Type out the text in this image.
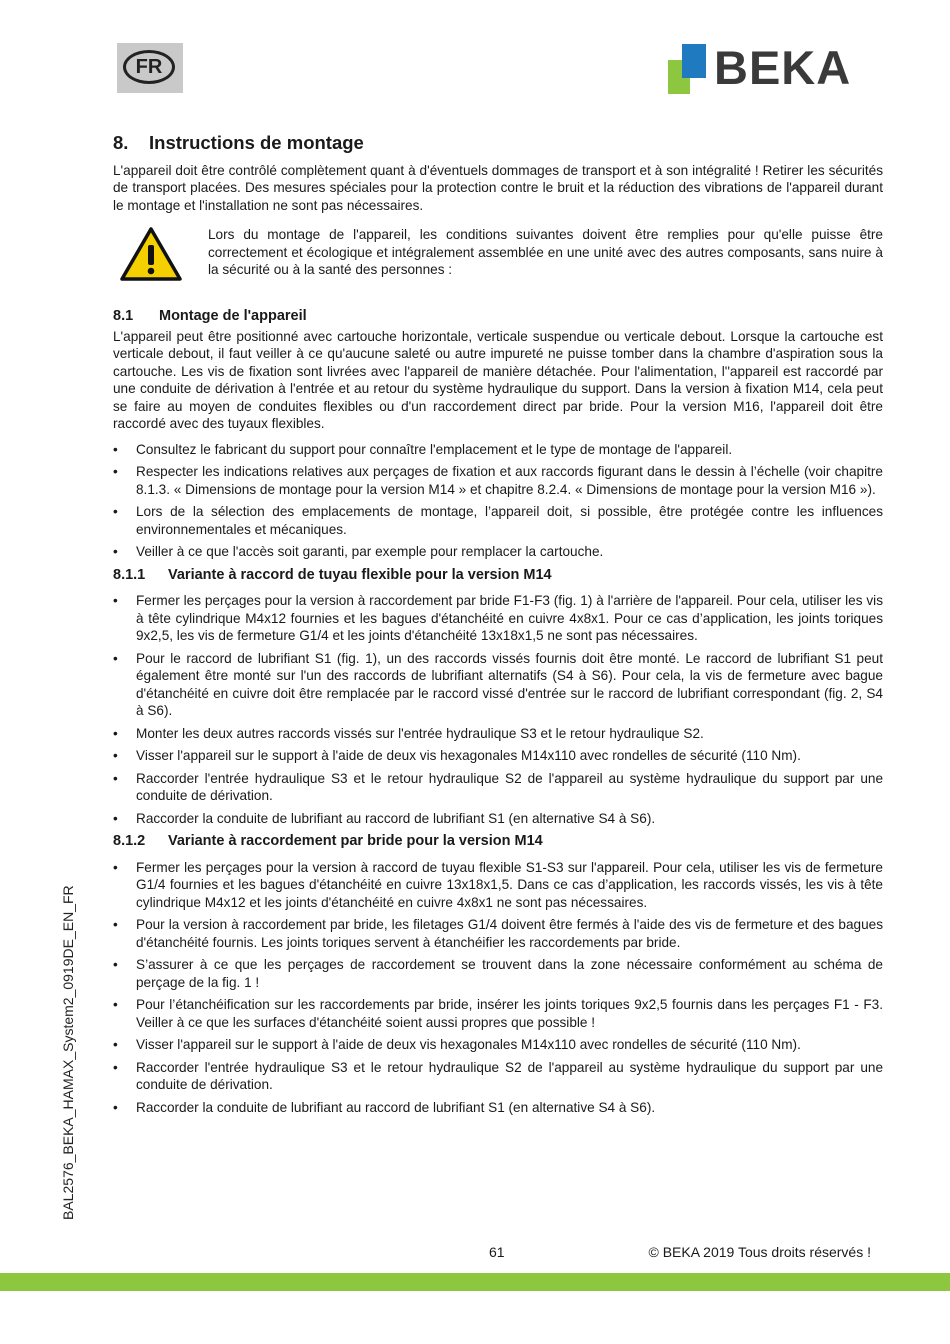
FR	BEKA
8.	Instructions de montage

L'appareil doit être contrôlé complètement quant à d'éventuels dommages de transport et à son intégralité ! Retirer les sécurités de transport placées. Des mesures spéciales pour la protection contre le bruit et la réduction des vibrations de l'appareil durant le montage et l'installation ne sont pas nécessaires.

Lors du montage de l'appareil, les conditions suivantes doivent être remplies pour qu'elle puisse être correctement et écologique et intégralement assemblée en une unité avec des autres composants, sans nuire à la sécurité ou à la santé des personnes :

8.1	Montage de l'appareil

L'appareil peut être positionné avec cartouche horizontale, verticale suspendue ou verticale debout. Lorsque la cartouche est verticale debout, il faut veiller à ce qu'aucune saleté ou autre impureté ne puisse tomber dans la chambre d'aspiration sous la cartouche. Les vis de fixation sont livrées avec l'appareil de manière détachée. Pour l'alimentation, l''appareil est raccordé par une conduite de dérivation à l'entrée et au retour du système hydraulique du support. Dans la version à fixation M14, cela peut se faire au moyen de conduites flexibles ou d'un raccordement direct par bride. Pour la version M16, l'appareil doit être raccordé avec des tuyaux flexibles.

• Consultez le fabricant du support pour connaître l'emplacement et le type de montage de l'appareil.
• Respecter les indications relatives aux perçages de fixation et aux raccords figurant dans le dessin à l’échelle (voir chapitre 8.1.3. « Dimensions de montage pour la version M14 » et chapitre 8.2.4. « Dimensions de montage pour la version M16 »).
• Lors de la sélection des emplacements de montage, l’appareil doit, si possible, être protégée contre les influences environnementales et mécaniques.
• Veiller à ce que l'accès soit garanti, par exemple pour remplacer la cartouche.
8.1.1	Variante à raccord de tuyau flexible pour la version M14
• Fermer les perçages pour la version à raccordement par bride F1-F3 (fig. 1) à l'arrière de l'appareil. Pour cela, utiliser les vis à tête cylindrique M4x12 fournies et les bagues d'étanchéité en cuivre 4x8x1. Pour ce cas d’application, les joints toriques 9x2,5, les vis de fermeture G1/4 et les joints d'étanchéité 13x18x1,5 ne sont pas nécessaires.
• Pour le raccord de lubrifiant S1 (fig. 1), un des raccords vissés fournis doit être monté. Le raccord de lubrifiant S1 peut également être monté sur l'un des raccords de lubrifiant alternatifs (S4 à S6). Pour cela, la vis de fermeture avec bague d'étanchéité en cuivre doit être remplacée par le raccord vissé d'entrée sur le raccord de lubrifiant correspondant (fig. 2, S4 à S6).
• Monter les deux autres raccords vissés sur l'entrée hydraulique S3 et le retour hydraulique S2.
• Visser l'appareil sur le support à l'aide de deux vis hexagonales M14x110 avec rondelles de sécurité (110 Nm).
• Raccorder l'entrée hydraulique S3 et le retour hydraulique S2 de l'appareil au système hydraulique du support par une conduite de dérivation.
• Raccorder la conduite de lubrifiant au raccord de lubrifiant S1 (en alternative S4 à S6).
8.1.2	Variante à raccordement par bride pour la version M14
• Fermer les perçages pour la version à raccord de tuyau flexible S1-S3 sur l'appareil. Pour cela, utiliser les vis de fermeture G1/4 fournies et les bagues d'étanchéité en cuivre 13x18x1,5. Dans ce cas d’application, les raccords vissés, les vis à tête cylindrique M4x12 et les joints d'étanchéité en cuivre 4x8x1 ne sont pas nécessaires.
• Pour la version à raccordement par bride, les filetages G1/4 doivent être fermés à l'aide des vis de fermeture et des bagues d'étanchéité fournis. Les joints toriques servent à étanchéifier les raccordements par bride.
• S’assurer à ce que les perçages de raccordement se trouvent dans la zone nécessaire conformément au schéma de perçage de la fig. 1 !
• Pour l’étanchéification sur les raccordements par bride, insérer les joints toriques 9x2,5 fournis dans les perçages F1 - F3. Veiller à ce que les surfaces d'étanchéité soient aussi propres que possible !
• Visser l'appareil sur le support à l'aide de deux vis hexagonales M14x110 avec rondelles de sécurité (110 Nm).
• Raccorder l'entrée hydraulique S3 et le retour hydraulique S2 de l'appareil au système hydraulique du support par une conduite de dérivation.
• Raccorder la conduite de lubrifiant au raccord de lubrifiant S1 (en alternative S4 à S6).
BAL2576_BEKA_HAMAX_System2_0919DE_EN_FR
61	© BEKA 2019 Tous droits réservés !
